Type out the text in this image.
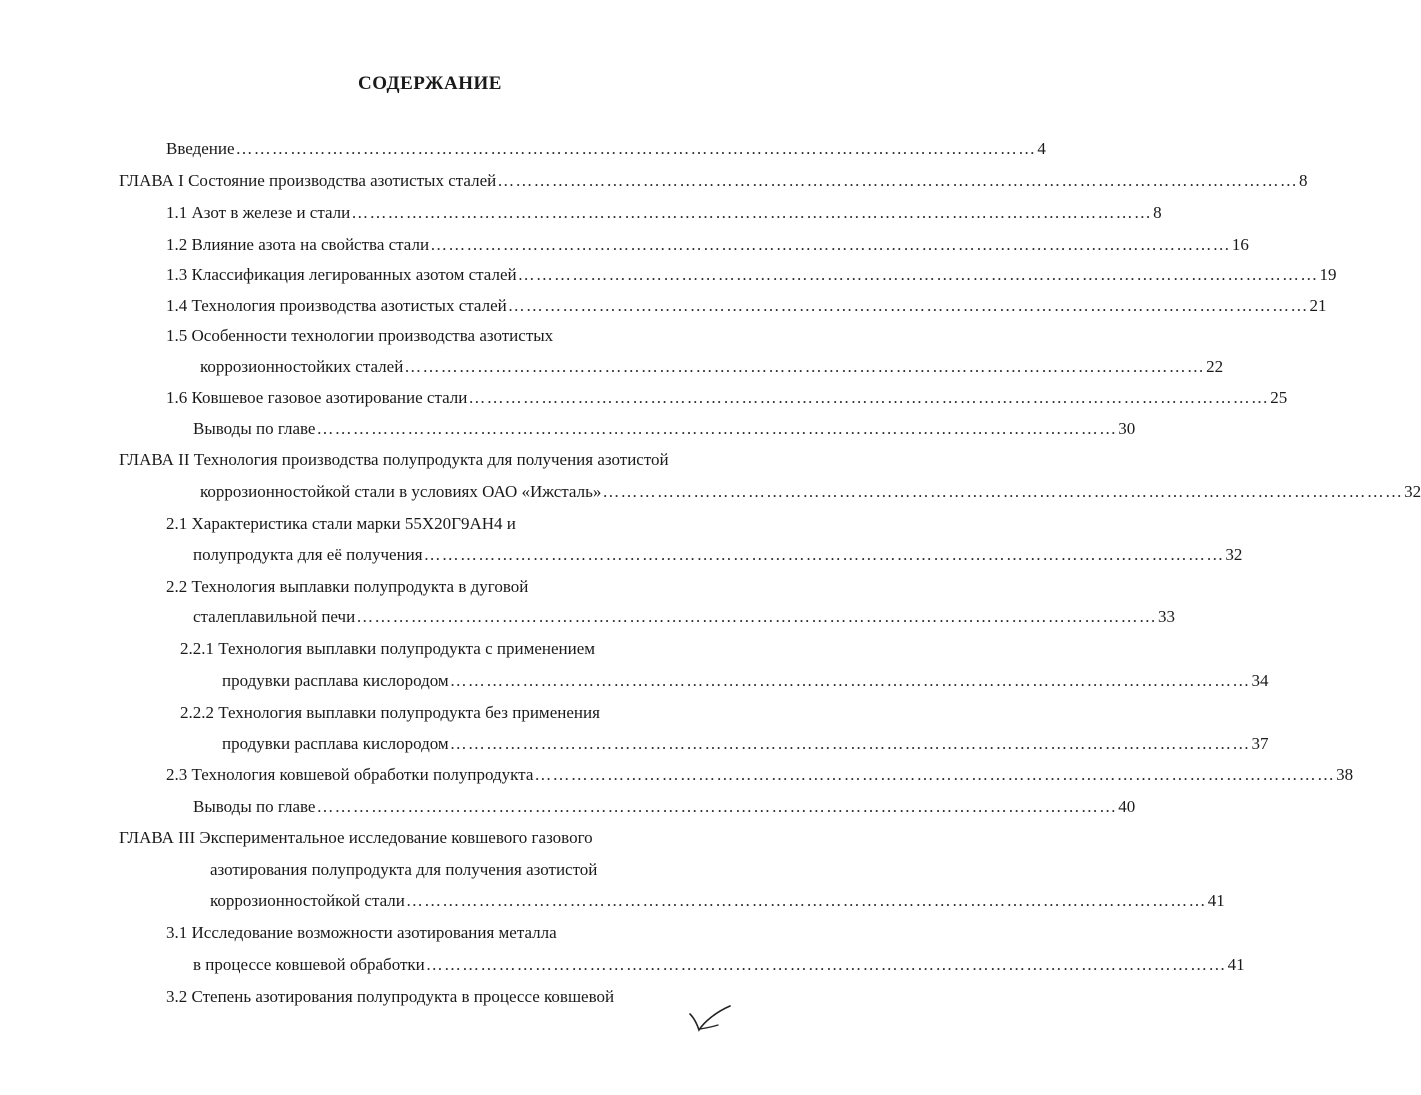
СОДЕРЖАНИЕ
Введение …………………………………………………………………………………………………………………… 4
ГЛАВА I Состояние производства азотистых сталей …………………………………………………………………………………………………………………… 8
1.1 Азот в железе и стали …………………………………………………………………………………………………………………… 8
1.2 Влияние азота на свойства стали …………………………………………………………………………………………………………………… 16
1.3 Классификация легированных азотом сталей …………………………………………………………………………………………………………………… 19
1.4 Технология производства азотистых сталей …………………………………………………………………………………………………………………… 21
1.5 Особенности технологии производства азотистых
коррозионностойких сталей …………………………………………………………………………………………………………………… 22
1.6 Ковшевое газовое азотирование стали …………………………………………………………………………………………………………………… 25
Выводы по главе …………………………………………………………………………………………………………………… 30
ГЛАВА II Технология производства полупродукта для получения азотистой
коррозионностойкой стали в условиях ОАО «Ижсталь» …………………………………………………………………………………………………………………… 32
2.1 Характеристика стали марки 55Х20Г9АН4 и
полупродукта для её получения …………………………………………………………………………………………………………………… 32
2.2 Технология выплавки полупродукта в дуговой
сталеплавильной печи …………………………………………………………………………………………………………………… 33
2.2.1 Технология выплавки полупродукта с применением
продувки расплава кислородом …………………………………………………………………………………………………………………… 34
2.2.2 Технология выплавки полупродукта без применения
продувки расплава кислородом …………………………………………………………………………………………………………………… 37
2.3 Технология ковшевой обработки полупродукта …………………………………………………………………………………………………………………… 38
Выводы по главе …………………………………………………………………………………………………………………… 40
ГЛАВА III Экспериментальное исследование ковшевого газового
азотирования полупродукта для получения азотистой
коррозионностойкой стали …………………………………………………………………………………………………………………… 41
3.1 Исследование возможности азотирования металла
в процессе ковшевой обработки …………………………………………………………………………………………………………………… 41
3.2 Степень азотирования полупродукта в процессе ковшевой
